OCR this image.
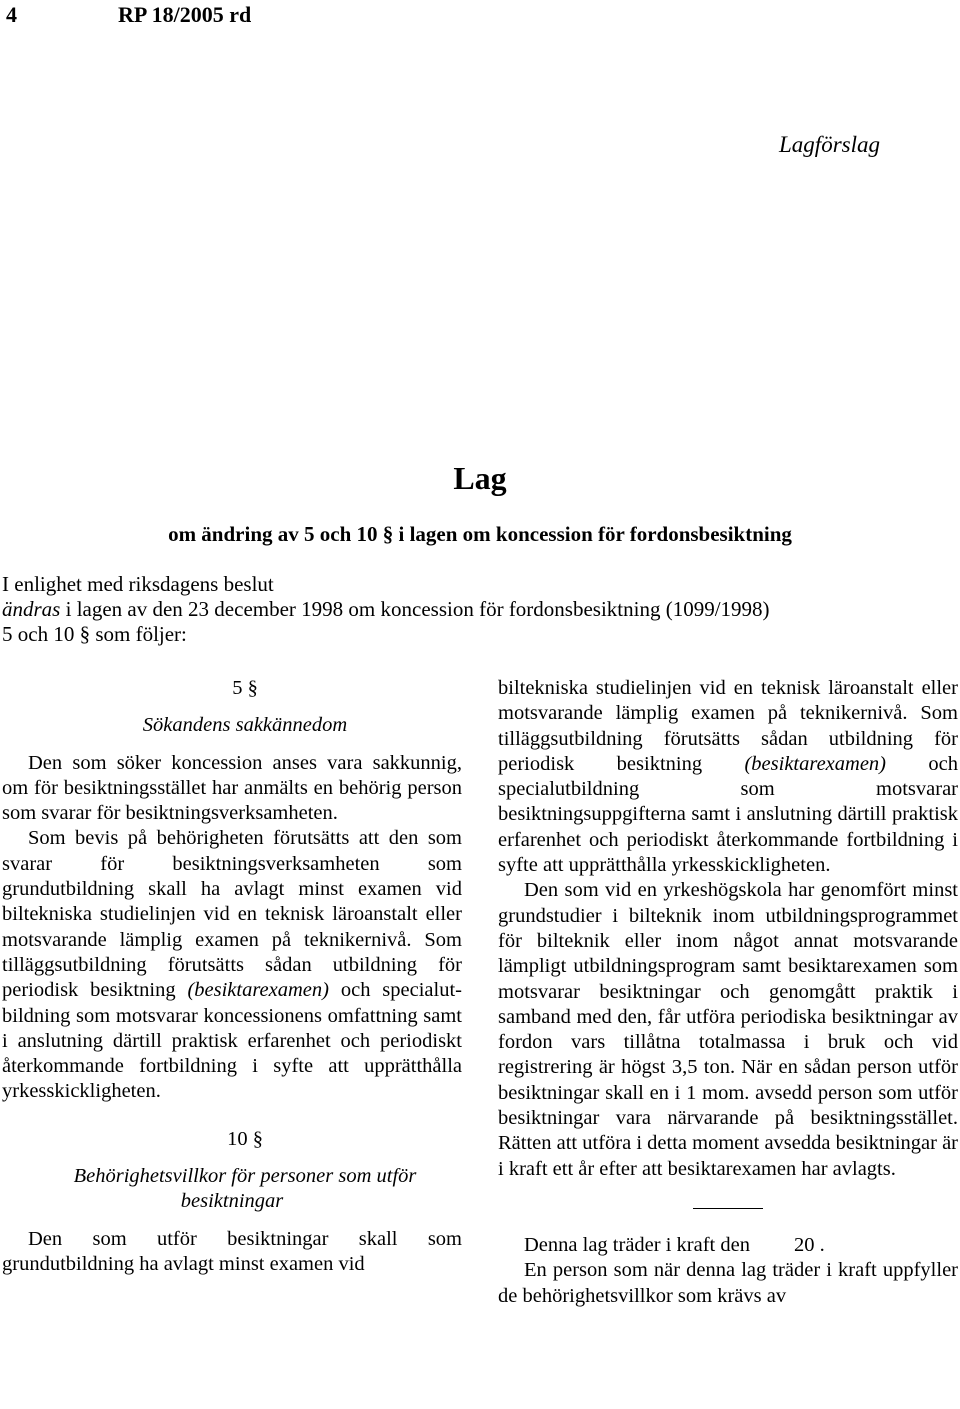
4	RP 18/2005 rd
Lagförslag
Lag
om ändring av 5 och 10 § i lagen om koncession för fordonsbesiktning

I enlighet med riksdagens beslut

ändras i lagen av den 23 december 1998 om koncession för fordonsbesiktning (1099/1998)

5 och 10 § som följer:

5 §

Sökandens sakkännedom

Den som söker koncession anses vara sakkunnig, om för besiktningsstället har anmälts en behörig person som svarar för besiktningsverksamheten.

Som bevis på behörigheten förutsätts att den som svarar för besiktningsverksamheten som grundutbildning skall ha avlagt minst examen vid biltekniska studielinjen vid en teknisk läroanstalt eller motsvarande lämplig examen på teknikernivå. Som tilläggsutbildning förutsätts sådan utbildning för periodisk besiktning (besiktarexamen) och specialutbildning som motsvarar koncessionens omfattning samt i anslutning därtill praktisk erfarenhet och periodiskt återkommande fortbildning i syfte att upprätthålla yrkesskickligheten.

10 §

Behörighetsvillkor för personer som utför besiktningar

Den som utför besiktningar skall som grundutbildning ha avlagt minst examen vid

biltekniska studielinjen vid en teknisk läroanstalt eller motsvarande lämplig examen på teknikernivå. Som tilläggsutbildning förutsätts sådan utbildning för periodisk besiktning (besiktarexamen) och specialutbildning som motsvarar besiktningsuppgifterna samt i anslutning därtill praktisk erfarenhet och periodiskt återkommande fortbildning i syfte att upprätthålla yrkesskickligheten.

Den som vid en yrkeshögskola har genomfört minst grundstudier i bilteknik inom utbildningsprogrammet för bilteknik eller inom något annat motsvarande lämpligt utbildningsprogram samt besiktarexamen som motsvarar besiktningar och genomgått praktik i samband med den, får utföra periodiska besiktningar av fordon vars tillåtna totalmassa i bruk och vid registrering är högst 3,5 ton. När en sådan person utför besiktningar skall en i 1 mom. avsedd person som utför besiktningar vara närvarande på besiktningsstället. Rätten att utföra i detta moment avsedda besiktningar är i kraft ett år efter att besiktarexamen har avlagts.

Denna lag träder i kraft den 20 .

En person som när denna lag träder i kraft uppfyller de behörighetsvillkor som krävs av
